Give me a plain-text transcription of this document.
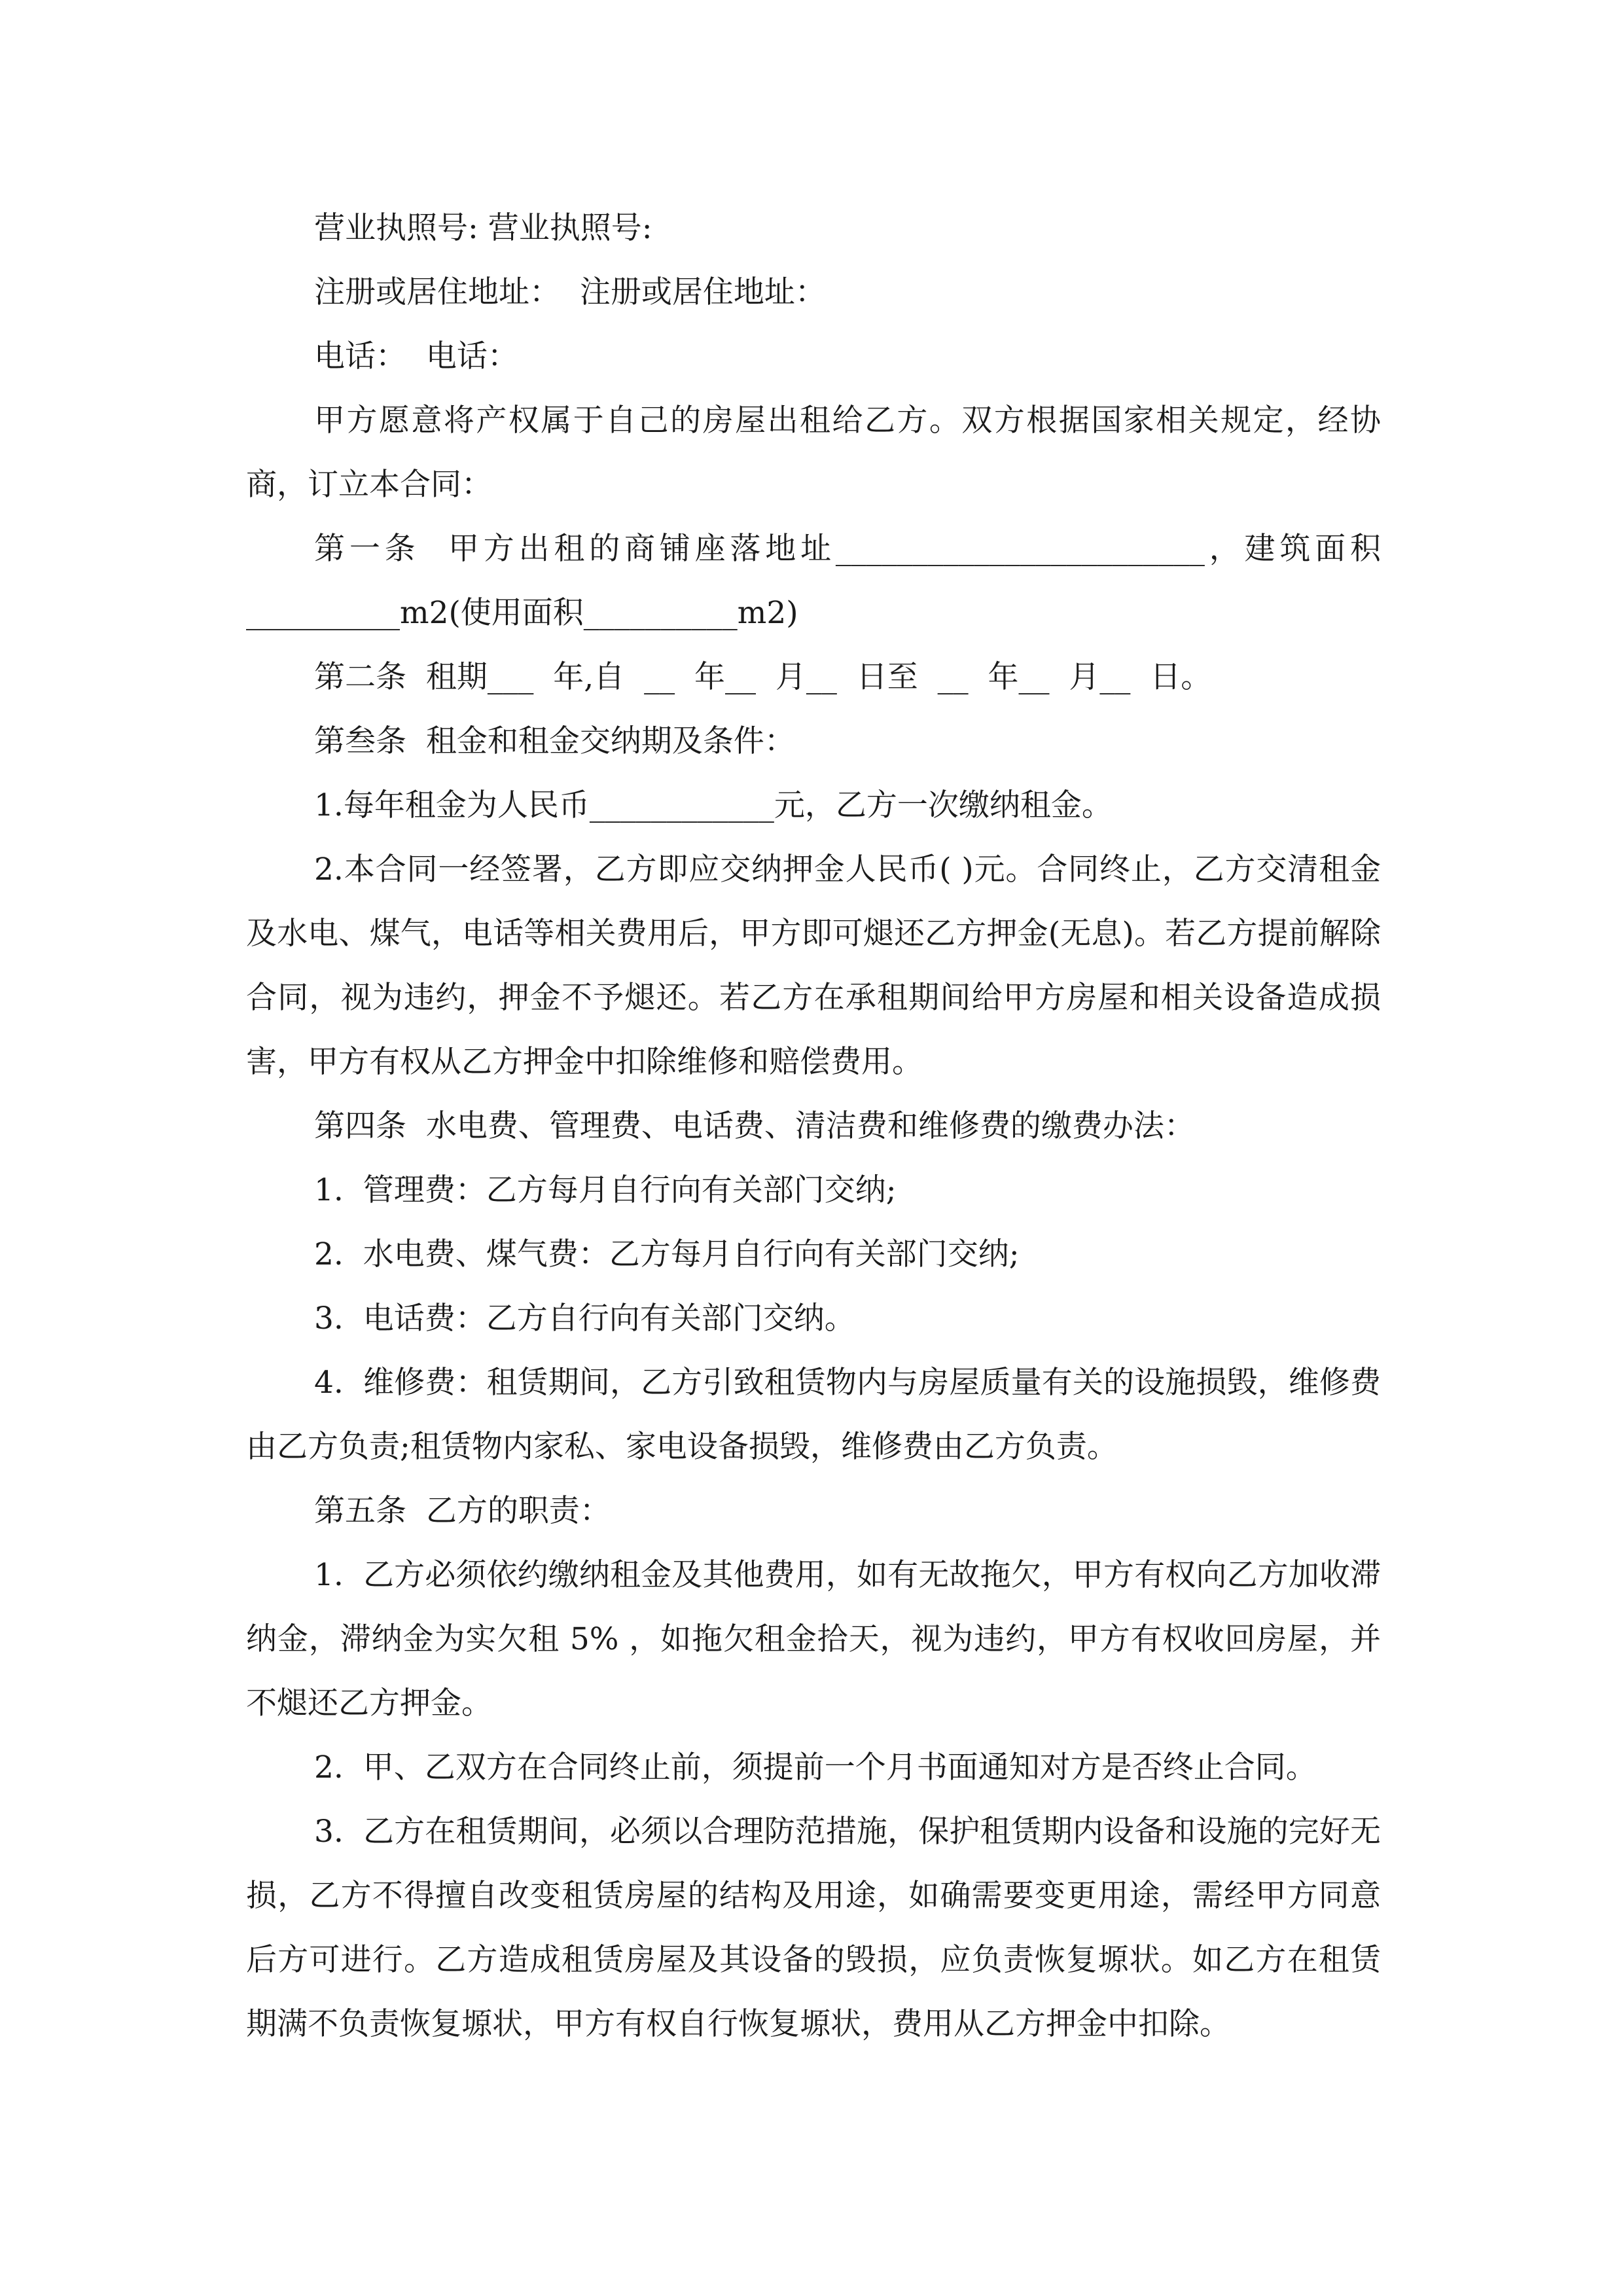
营业执照号: 营业执照号:

注册或居住地址：  注册或居住地址：

电话：  电话：

甲方愿意将产权属于自己的房屋出租给乙方。双方根据国家相关规定，经协商，订立本合同：

第一条  甲方出租的商铺座落地址________________________，建筑面积__________m2(使用面积__________m2)

第二条  租期___  年,自  __  年__  月__  日至  __  年__  月__  日。

第叁条  租金和租金交纳期及条件：

1.每年租金为人民币____________元，乙方一次缴纳租金。

2.本合同一经签署，乙方即应交纳押金人民币( )元。合同终止，乙方交清租金及水电、煤气，电话等相关费用后，甲方即可煺还乙方押金(无息)。若乙方提前解除合同，视为违约，押金不予煺还。若乙方在承租期间给甲方房屋和相关设备造成损害，甲方有权从乙方押金中扣除维修和赔偿费用。

第四条  水电费、管理费、电话费、清洁费和维修费的缴费办法：

1.  管理费：乙方每月自行向有关部门交纳;

2.  水电费、煤气费：乙方每月自行向有关部门交纳;

3.  电话费：乙方自行向有关部门交纳。

4.  维修费：租赁期间，乙方引致租赁物内与房屋质量有关的设施损毁，维修费由乙方负责;租赁物内家私、家电设备损毁，维修费由乙方负责。

第五条  乙方的职责：

1.  乙方必须依约缴纳租金及其他费用，如有无故拖欠，甲方有权向乙方加收滞纳金，滞纳金为实欠租 5% ，如拖欠租金拾天，视为违约，甲方有权收回房屋，并不煺还乙方押金。

2.  甲、乙双方在合同终止前，须提前一个月书面通知对方是否终止合同。

3.  乙方在租赁期间，必须以合理防范措施，保护租赁期内设备和设施的完好无损，乙方不得擅自改变租赁房屋的结构及用途，如确需要变更用途，需经甲方同意后方可进行。乙方造成租赁房屋及其设备的毁损，应负责恢复塬状。如乙方在租赁期满不负责恢复塬状，甲方有权自行恢复塬状，费用从乙方押金中扣除。
